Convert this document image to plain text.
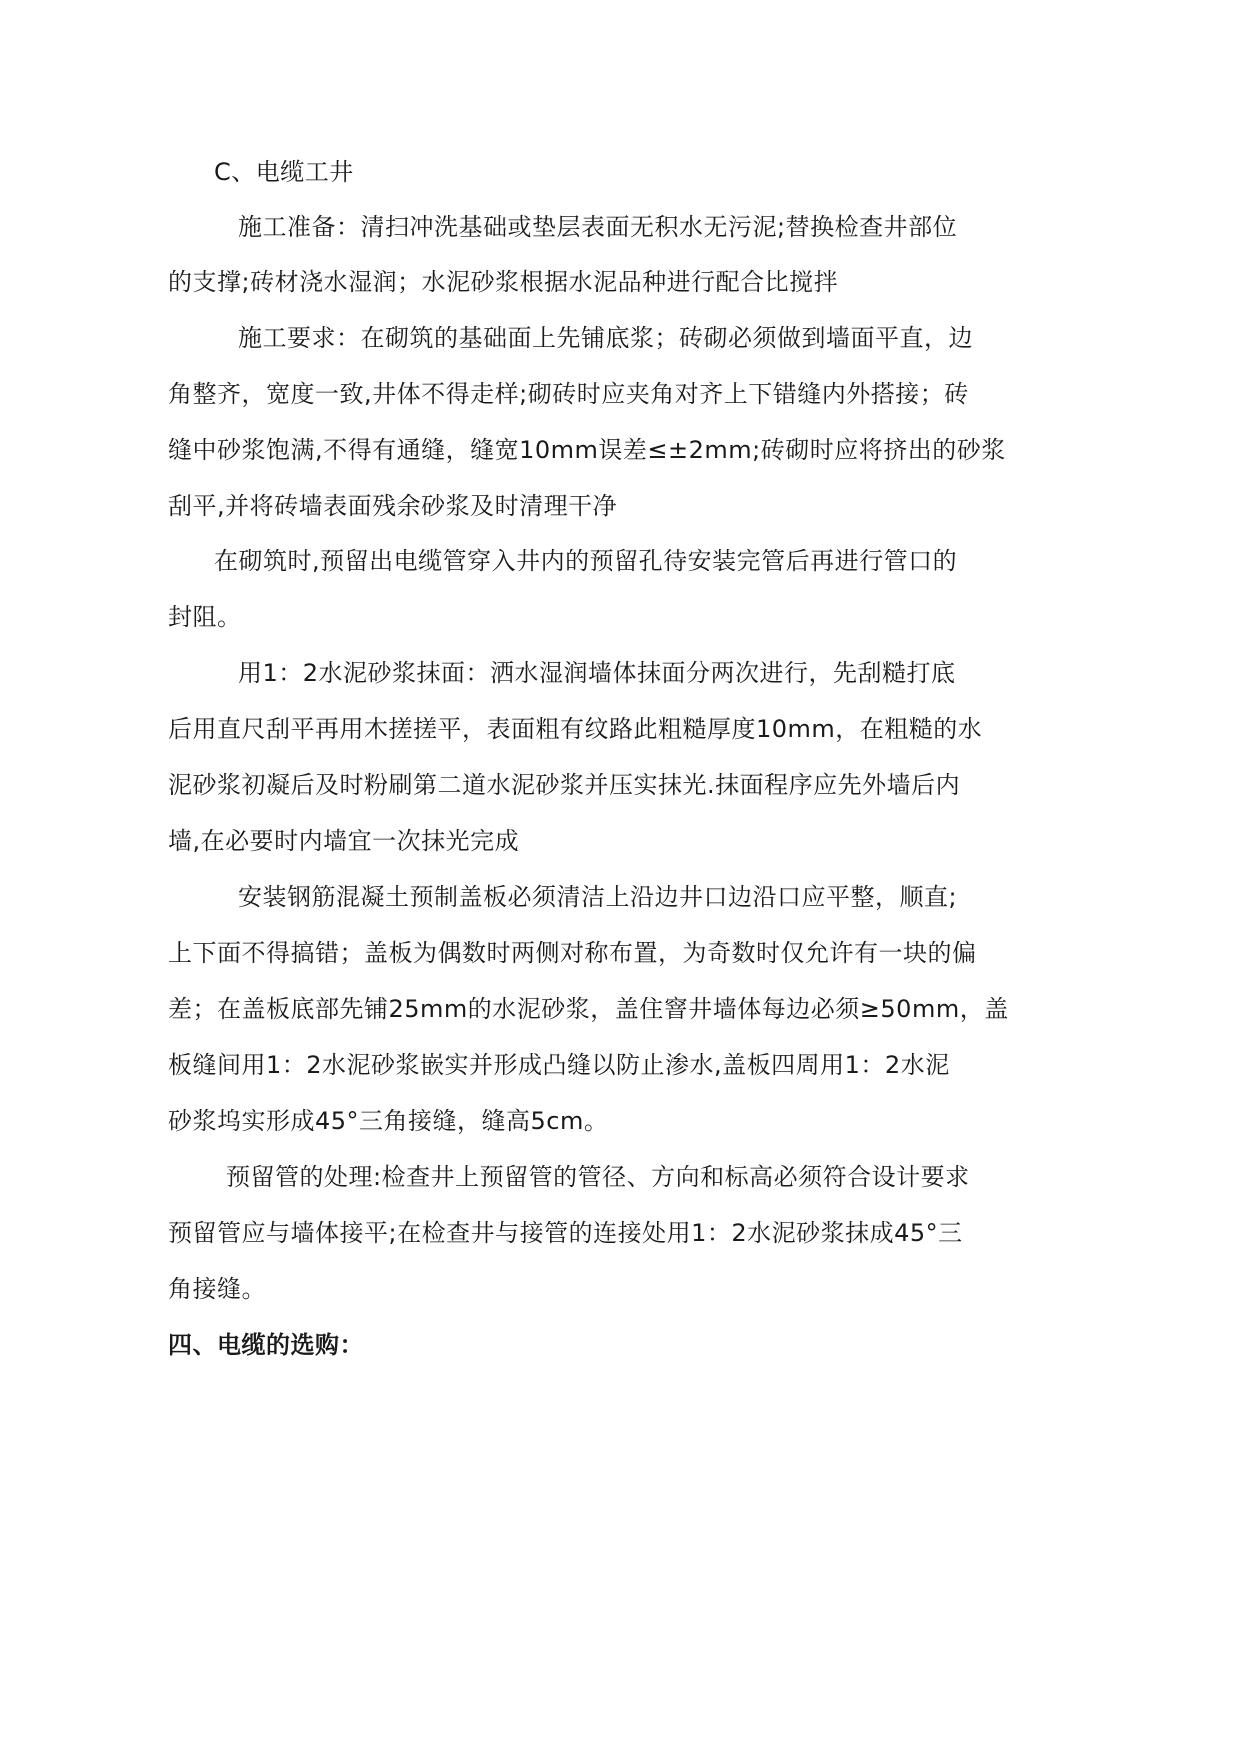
C、电缆工井
施工准备：清扫冲洗基础或垫层表面无积水无污泥;替换检查井部位
的支撑;砖材浇水湿润；水泥砂浆根据水泥品种进行配合比搅拌
施工要求：在砌筑的基础面上先铺底浆；砖砌必须做到墙面平直，边
角整齐，宽度一致,井体不得走样;砌砖时应夹角对齐上下错缝内外搭接；砖
缝中砂浆饱满,不得有通缝，缝宽10mm误差≤±2mm;砖砌时应将挤出的砂浆
刮平,并将砖墙表面残余砂浆及时清理干净
在砌筑时,预留出电缆管穿入井内的预留孔待安装完管后再进行管口的
封阻。
用1：2水泥砂浆抹面：洒水湿润墙体抹面分两次进行，先刮糙打底
后用直尺刮平再用木搓搓平，表面粗有纹路此粗糙厚度10mm，在粗糙的水
泥砂浆初凝后及时粉刷第二道水泥砂浆并压实抹光.抹面程序应先外墙后内
墙,在必要时内墙宜一次抹光完成
安装钢筋混凝土预制盖板必须清洁上沿边井口边沿口应平整，顺直;
上下面不得搞错；盖板为偶数时两侧对称布置，为奇数时仅允许有一块的偏
差；在盖板底部先铺25mm的水泥砂浆，盖住窨井墙体每边必须≥50mm，盖
板缝间用1：2水泥砂浆嵌实并形成凸缝以防止渗水,盖板四周用1：2水泥
砂浆坞实形成45°三角接缝，缝高5cm。
预留管的处理:检查井上预留管的管径、方向和标高必须符合设计要求
预留管应与墙体接平;在检查井与接管的连接处用1：2水泥砂浆抹成45°三
角接缝。
四、电缆的选购：
